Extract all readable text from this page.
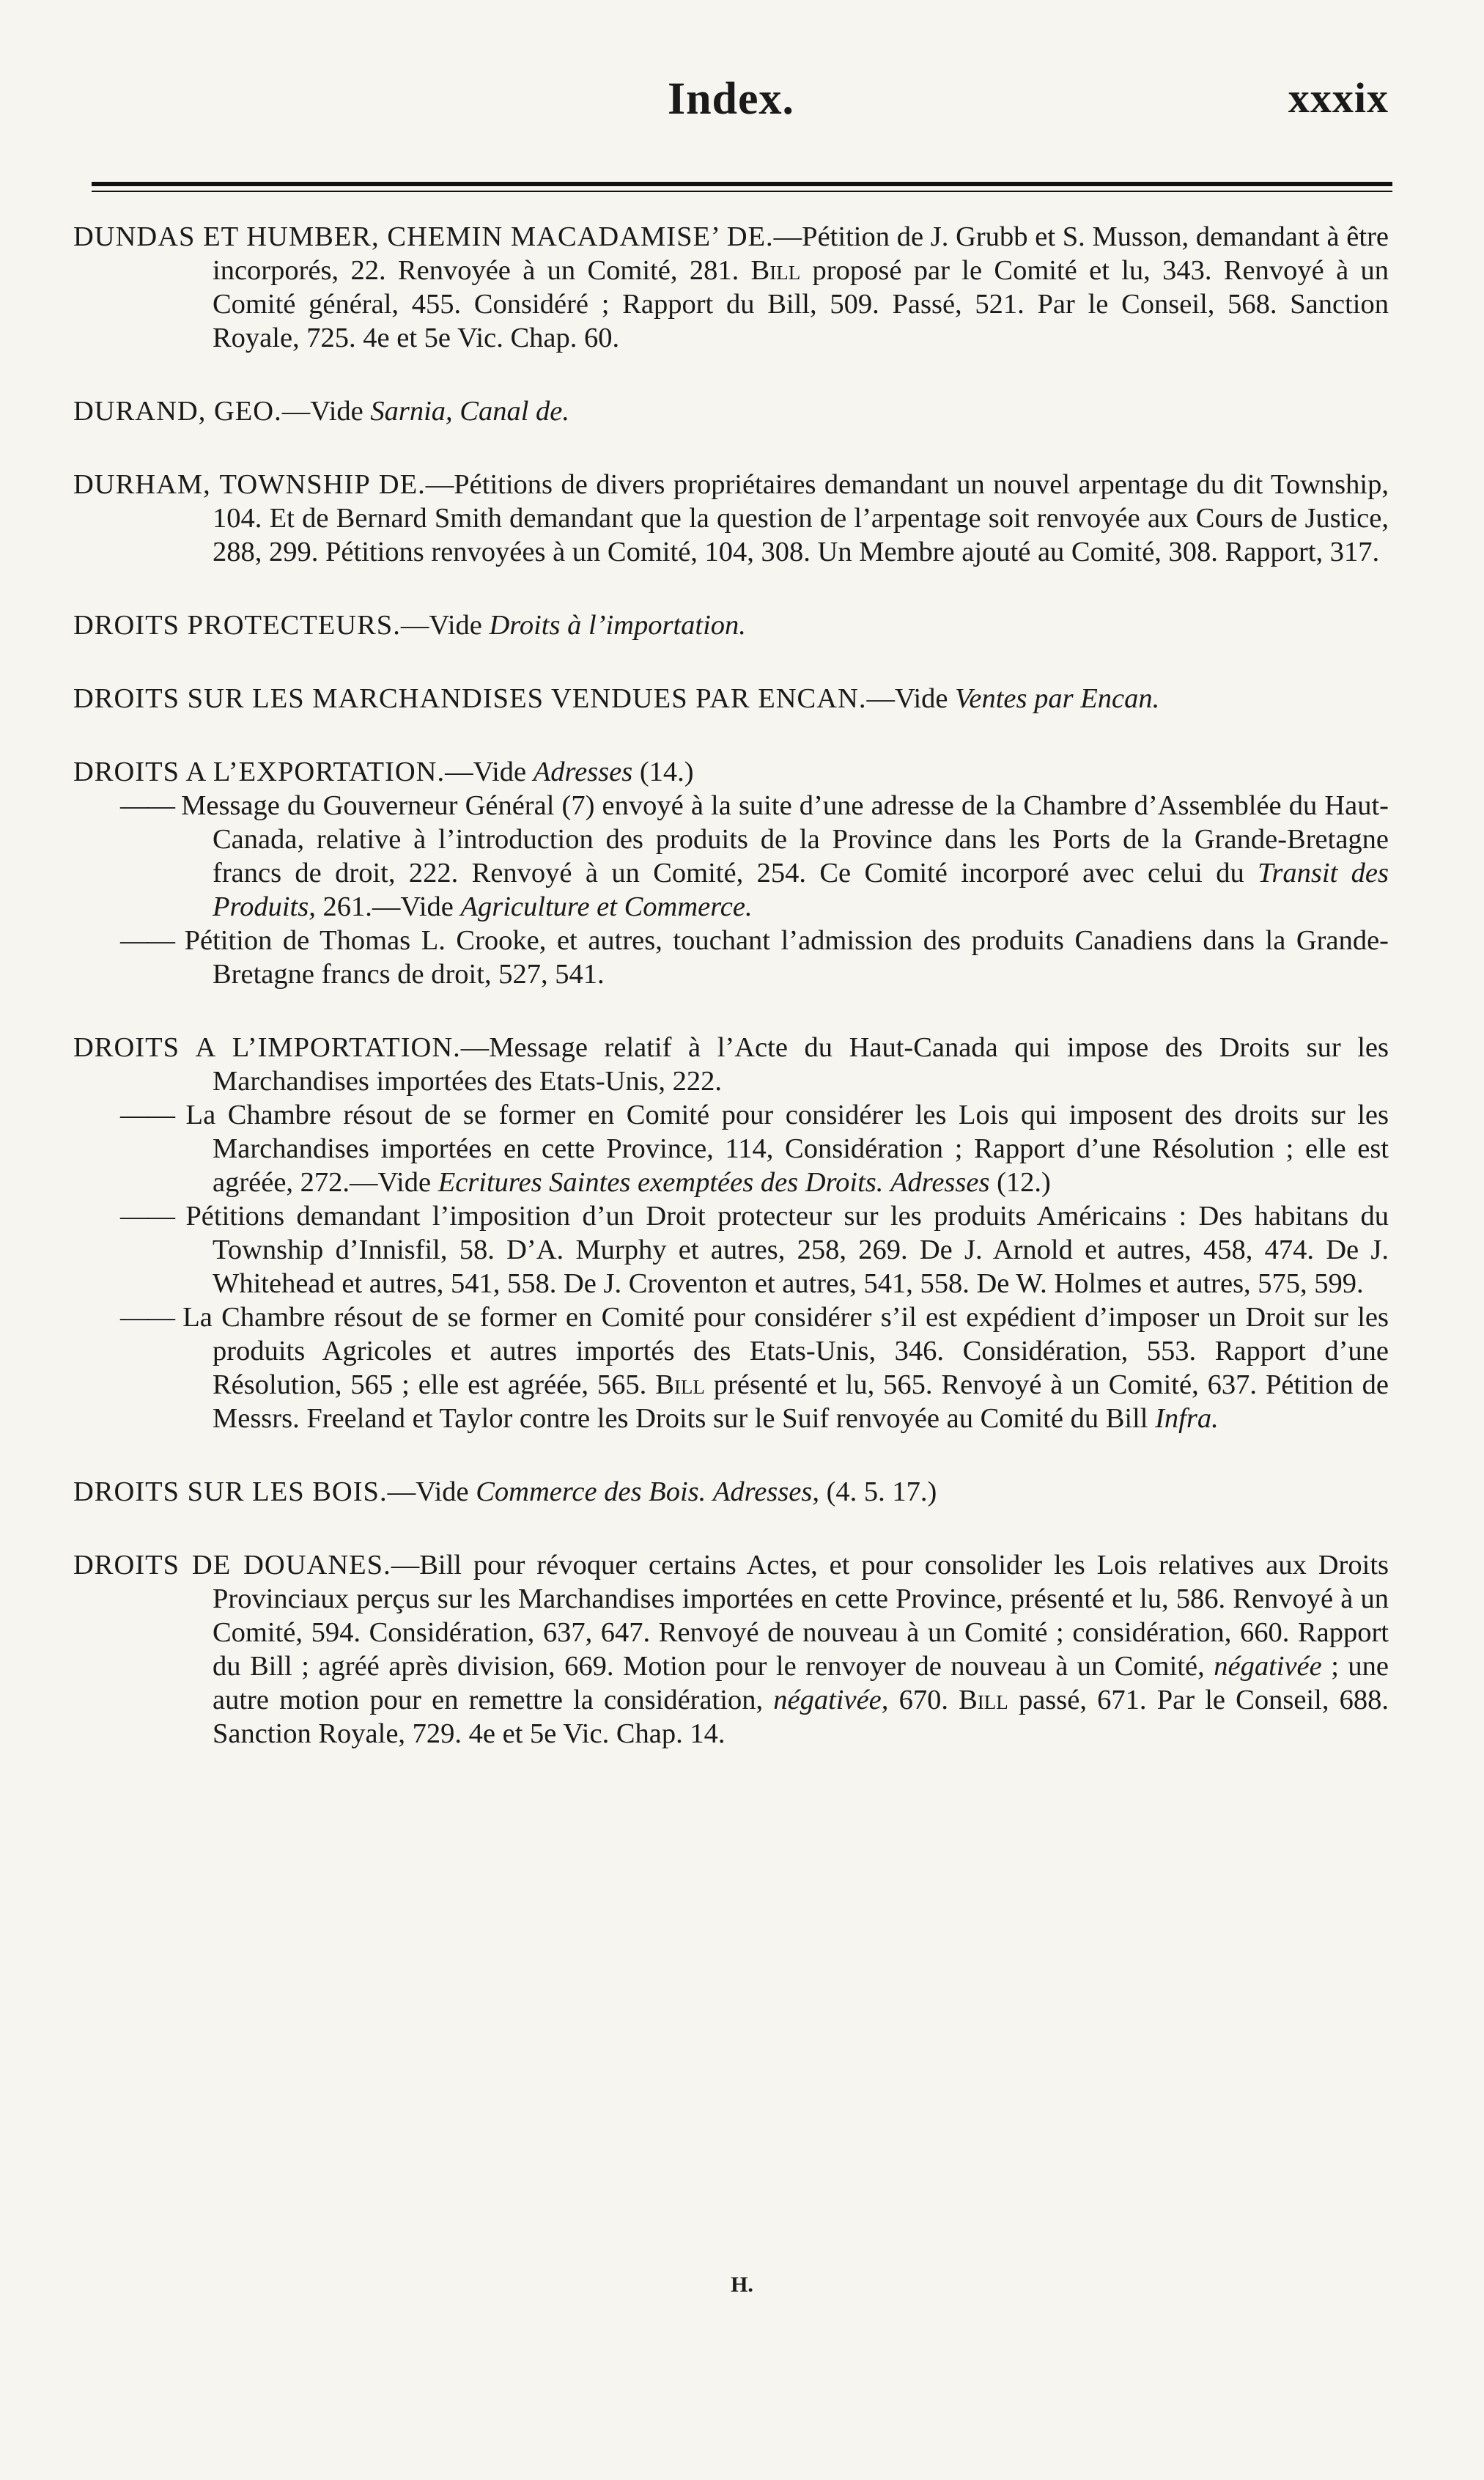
Index.	xxxix

DUNDAS ET HUMBER, CHEMIN MACADAMISE’ DE.—Pétition de J. Grubb et S. Musson, demandant à être incorporés, 22. Renvoyée à un Comité, 281. Bill proposé par le Comité et lu, 343. Renvoyé à un Comité général, 455. Considéré ; Rapport du Bill, 509. Passé, 521. Par le Conseil, 568. Sanction Royale, 725. 4e et 5e Vic. Chap. 60.

DURAND, GEO.—Vide Sarnia, Canal de.

DURHAM, TOWNSHIP DE.—Pétitions de divers propriétaires demandant un nouvel arpentage du dit Township, 104. Et de Bernard Smith demandant que la question de l’arpentage soit renvoyée aux Cours de Justice, 288, 299. Pétitions renvoyées à un Comité, 104, 308. Un Membre ajouté au Comité, 308. Rapport, 317.

DROITS PROTECTEURS.—Vide Droits à l’importation.

DROITS SUR LES MARCHANDISES VENDUES PAR ENCAN.—Vide Ventes par Encan.

DROITS A L’EXPORTATION.—Vide Adresses (14.)

—— Message du Gouverneur Général (7) envoyé à la suite d’une adresse de la Chambre d’Assemblée du Haut-Canada, relative à l’introduction des produits de la Province dans les Ports de la Grande-Bretagne francs de droit, 222. Renvoyé à un Comité, 254. Ce Comité incorporé avec celui du Transit des Produits, 261.—Vide Agriculture et Commerce.

—— Pétition de Thomas L. Crooke, et autres, touchant l’admission des produits Canadiens dans la Grande-Bretagne francs de droit, 527, 541.

DROITS A L’IMPORTATION.—Message relatif à l’Acte du Haut-Canada qui impose des Droits sur les Marchandises importées des Etats-Unis, 222.

—— La Chambre résout de se former en Comité pour considérer les Lois qui imposent des droits sur les Marchandises importées en cette Province, 114, Considération ; Rapport d’une Résolution ; elle est agréée, 272.—Vide Ecritures Saintes exemptées des Droits. Adresses (12.)

—— Pétitions demandant l’imposition d’un Droit protecteur sur les produits Américains : Des habitans du Township d’Innisfil, 58. D’A. Murphy et autres, 258, 269. De J. Arnold et autres, 458, 474. De J. Whitehead et autres, 541, 558. De J. Croventon et autres, 541, 558. De W. Holmes et autres, 575, 599.

—— La Chambre résout de se former en Comité pour considérer s’il est expédient d’imposer un Droit sur les produits Agricoles et autres importés des Etats-Unis, 346. Considération, 553. Rapport d’une Résolution, 565 ; elle est agréée, 565. Bill présenté et lu, 565. Renvoyé à un Comité, 637. Pétition de Messrs. Freeland et Taylor contre les Droits sur le Suif renvoyée au Comité du Bill Infra.

DROITS SUR LES BOIS.—Vide Commerce des Bois. Adresses, (4. 5. 17.)

DROITS DE DOUANES.—Bill pour révoquer certains Actes, et pour consolider les Lois relatives aux Droits Provinciaux perçus sur les Marchandises importées en cette Province, présenté et lu, 586. Renvoyé à un Comité, 594. Considération, 637, 647. Renvoyé de nouveau à un Comité ; considération, 660. Rapport du Bill ; agréé après division, 669. Motion pour le renvoyer de nouveau à un Comité, négativée ; une autre motion pour en remettre la considération, négativée, 670. Bill passé, 671. Par le Conseil, 688. Sanction Royale, 729. 4e et 5e Vic. Chap. 14.

H.
